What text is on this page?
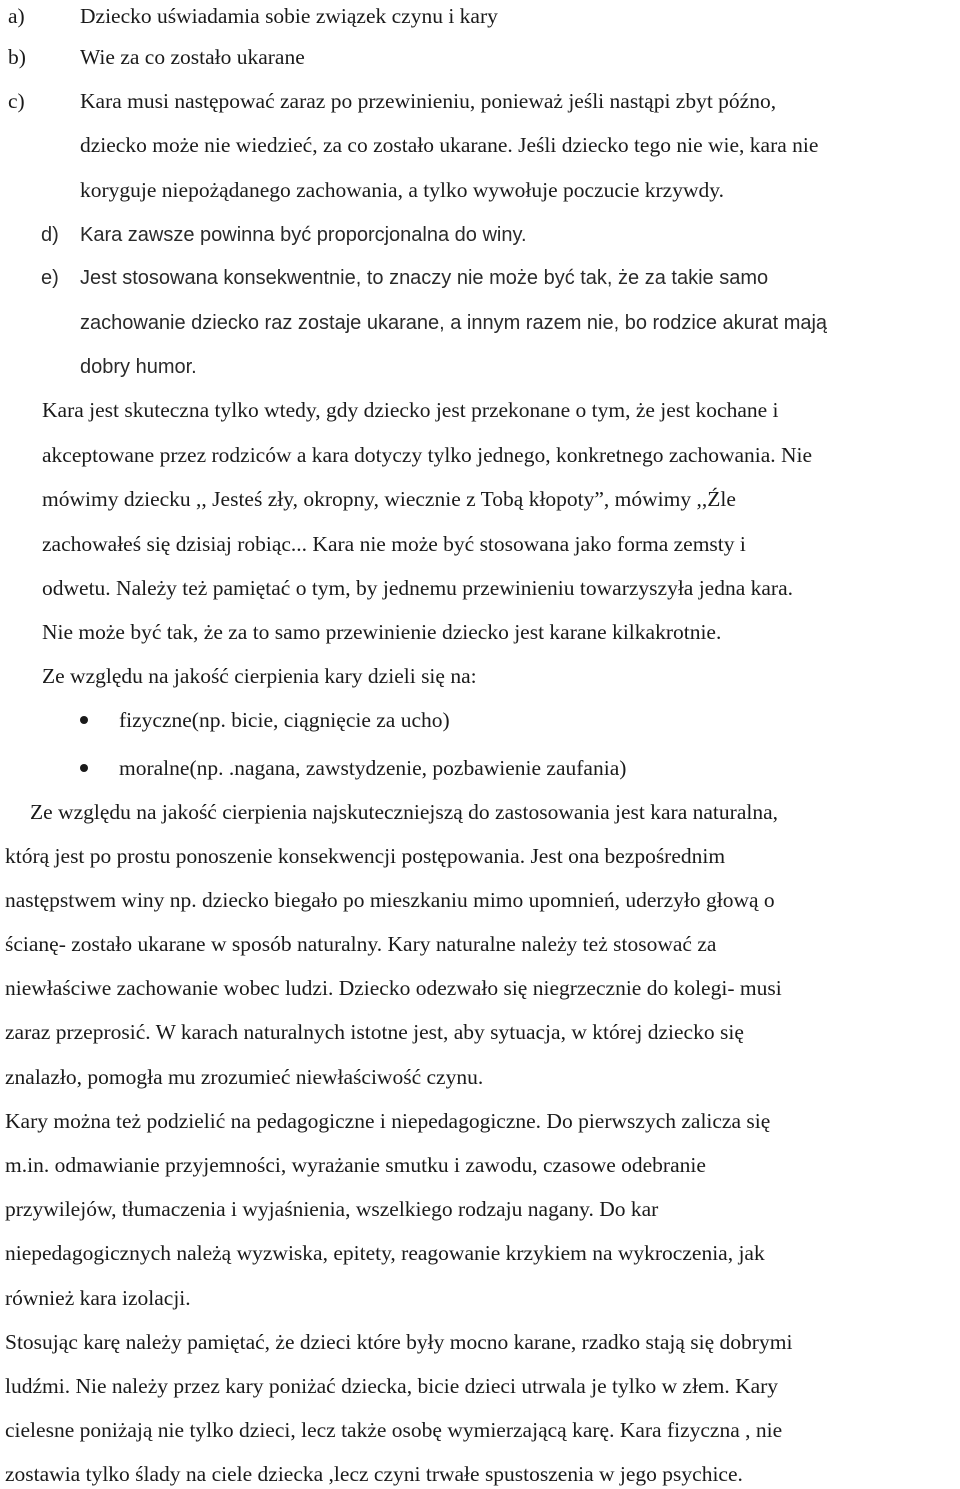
a)	Dziecko uświadamia sobie związek czynu i kary
b)	Wie za co zostało ukarane
c)	Kara musi następować zaraz po przewinieniu, ponieważ jeśli nastąpi zbyt późno,
dziecko może nie wiedzieć, za co zostało ukarane. Jeśli dziecko tego nie wie, kara nie
koryguje niepożądanego zachowania, a tylko wywołuje poczucie krzywdy.
d) Kara zawsze powinna być proporcjonalna do winy.
e) Jest stosowana konsekwentnie, to znaczy nie może być tak, że za takie samo
zachowanie dziecko raz zostaje ukarane, a innym razem nie, bo rodzice akurat mają
dobry humor.
Kara jest skuteczna tylko wtedy, gdy dziecko jest przekonane o tym, że jest kochane i
akceptowane przez rodziców a kara dotyczy tylko jednego, konkretnego zachowania. Nie
mówimy dziecku ,, Jesteś zły, okropny, wiecznie z Tobą kłopoty”, mówimy ,,Źle
zachowałeś się dzisiaj robiąc... Kara nie może być stosowana jako forma zemsty i
odwetu. Należy też pamiętać o tym, by jednemu przewinieniu towarzyszyła jedna kara.
Nie może być tak, że za to samo przewinienie dziecko jest karane kilkakrotnie.
Ze względu na jakość cierpienia kary dzieli się na:
fizyczne(np. bicie, ciągnięcie za ucho)
moralne(np. .nagana, zawstydzenie, pozbawienie zaufania)
Ze względu na jakość cierpienia najskuteczniejszą do zastosowania jest kara naturalna,
którą jest po prostu ponoszenie konsekwencji postępowania. Jest ona bezpośrednim
następstwem winy np. dziecko biegało po mieszkaniu mimo upomnień, uderzyło głową o
ścianę- zostało ukarane w sposób naturalny. Kary naturalne należy też stosować za
niewłaściwe zachowanie wobec ludzi. Dziecko odezwało się niegrzecznie do kolegi- musi
zaraz przeprosić. W karach naturalnych istotne jest, aby sytuacja, w której dziecko się
znalazło, pomogła mu zrozumieć niewłaściwość czynu.
Kary można też podzielić na pedagogiczne i niepedagogiczne. Do pierwszych zalicza się
m.in. odmawianie przyjemności, wyrażanie smutku i zawodu, czasowe odebranie
przywilejów, tłumaczenia i wyjaśnienia, wszelkiego rodzaju nagany. Do kar
niepedagogicznych należą wyzwiska, epitety, reagowanie krzykiem na wykroczenia, jak
również kara izolacji.
Stosując karę należy pamiętać, że dzieci które były mocno karane, rzadko stają się dobrymi
ludźmi. Nie należy przez kary poniżać dziecka, bicie dzieci utrwala je tylko w złem. Kary
cielesne poniżają nie tylko dzieci, lecz także osobę wymierzającą karę. Kara fizyczna , nie
zostawia tylko ślady na ciele dziecka ,lecz czyni trwałe spustoszenia w jego psychice.
